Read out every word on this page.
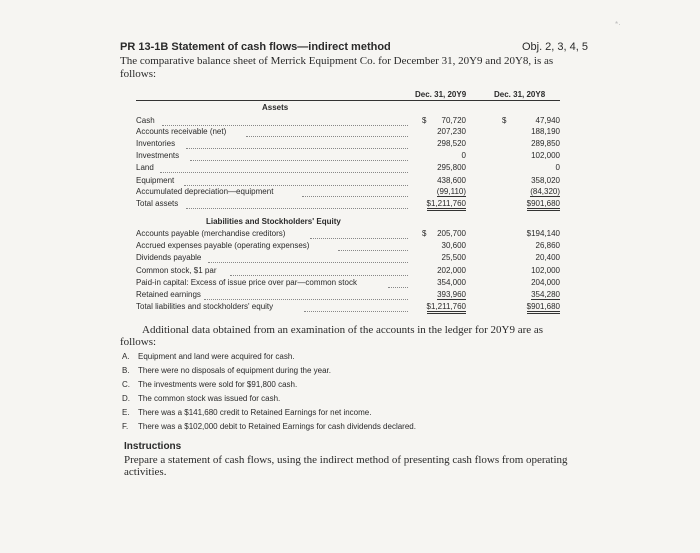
*·
PR 13-1B Statement of cash flows—indirect method	Obj. 2, 3, 4, 5
The comparative balance sheet of Merrick Equipment Co. for December 31, 20Y9 and 20Y8, is as follows:
Dec. 31, 20Y9	Dec. 31, 20Y8
Assets
Cash	$ 70,720	$	47,940
Accounts receivable (net)	207,230	188,190
Inventories	298,520	289,850
Investments	0	102,000
Land	295,800	0
Equipment	438,600	358,020
Accumulated depreciation—equipment	(99,110)	(84,320)
Total assets	$1,211,760	$901,680
Liabilities and Stockholders' Equity
Accounts payable (merchandise creditors)	$ 205,700	$194,140
Accrued expenses payable (operating expenses)	30,600	26,860
Dividends payable	25,500	20,400
Common stock, $1 par	202,000	102,000
Paid-in capital: Excess of issue price over par—common stock	354,000	204,000
Retained earnings	393,960	354,280
Total liabilities and stockholders' equity	$1,211,760	$901,680
Additional data obtained from an examination of the accounts in the ledger for 20Y9 are as follows:
A. Equipment and land were acquired for cash.
B. There were no disposals of equipment during the year.
C. The investments were sold for $91,800 cash.
D. The common stock was issued for cash.
E. There was a $141,680 credit to Retained Earnings for net income.
F. There was a $102,000 debit to Retained Earnings for cash dividends declared.
Instructions
Prepare a statement of cash flows, using the indirect method of presenting cash flows from operating activities.
